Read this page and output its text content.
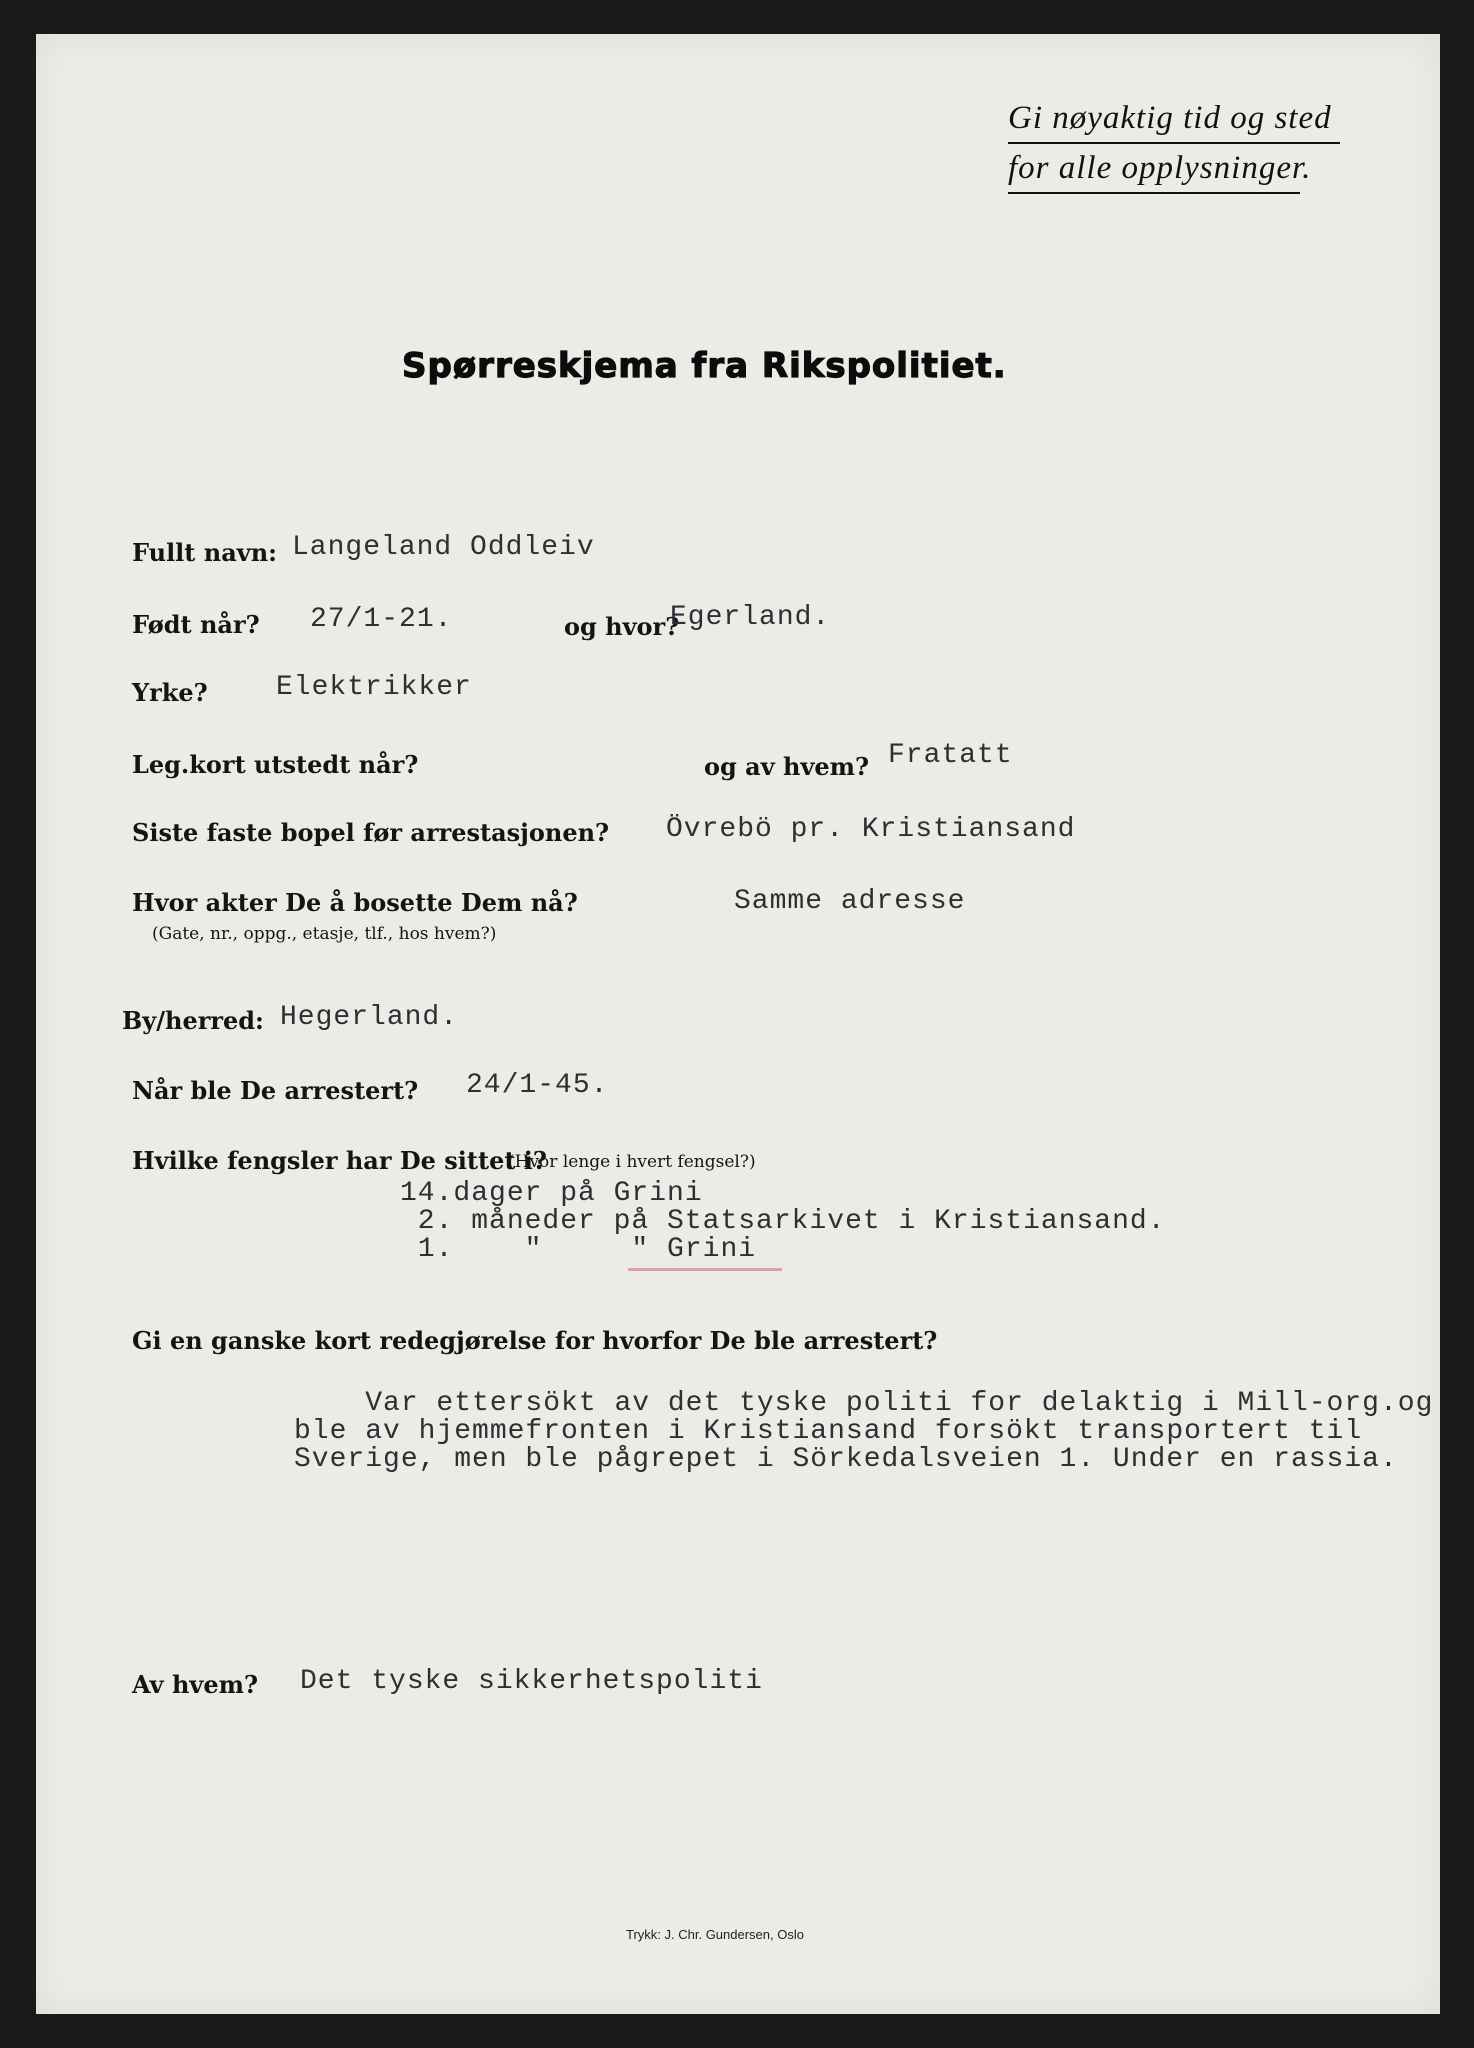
Gi nøyaktig tid og sted
for alle opplysninger.
Spørreskjema fra Rikspolitiet.
Fullt navn: Langeland Oddleiv
Født når? 27/1-21.	og hvor?
Egerland.
Yrke? Elektrikker
Leg.kort utstedt når?	og av hvem? Fratatt
Siste faste bopel før arrestasjonen? Övrebö pr. Kristiansand
Hvor akter De å bosette Dem nå?
(Gate, nr., oppg., etasje, tlf., hos hvem?)
Samme adresse
By/herred: Hegerland.
Når ble De arrestert? 24/1-45.
Hvilke fengsler har De sittet i?
(Hvor lenge i hvert fengsel?)
14.dager på Grini
2. måneder på Statsarkivet i Kristiansand.
1.    "     " Grini
Gi en ganske kort redegjørelse for hvorfor De ble arrestert?
Var ettersökt av det tyske politi for delaktig i Mill-org.og
ble av hjemmefronten i Kristiansand forsökt transportert til
Sverige, men ble pågrepet i Sörkedalsveien 1. Under en rassia.
Av hvem? Det tyske sikkerhetspoliti
Trykk: J. Chr. Gundersen, Oslo
